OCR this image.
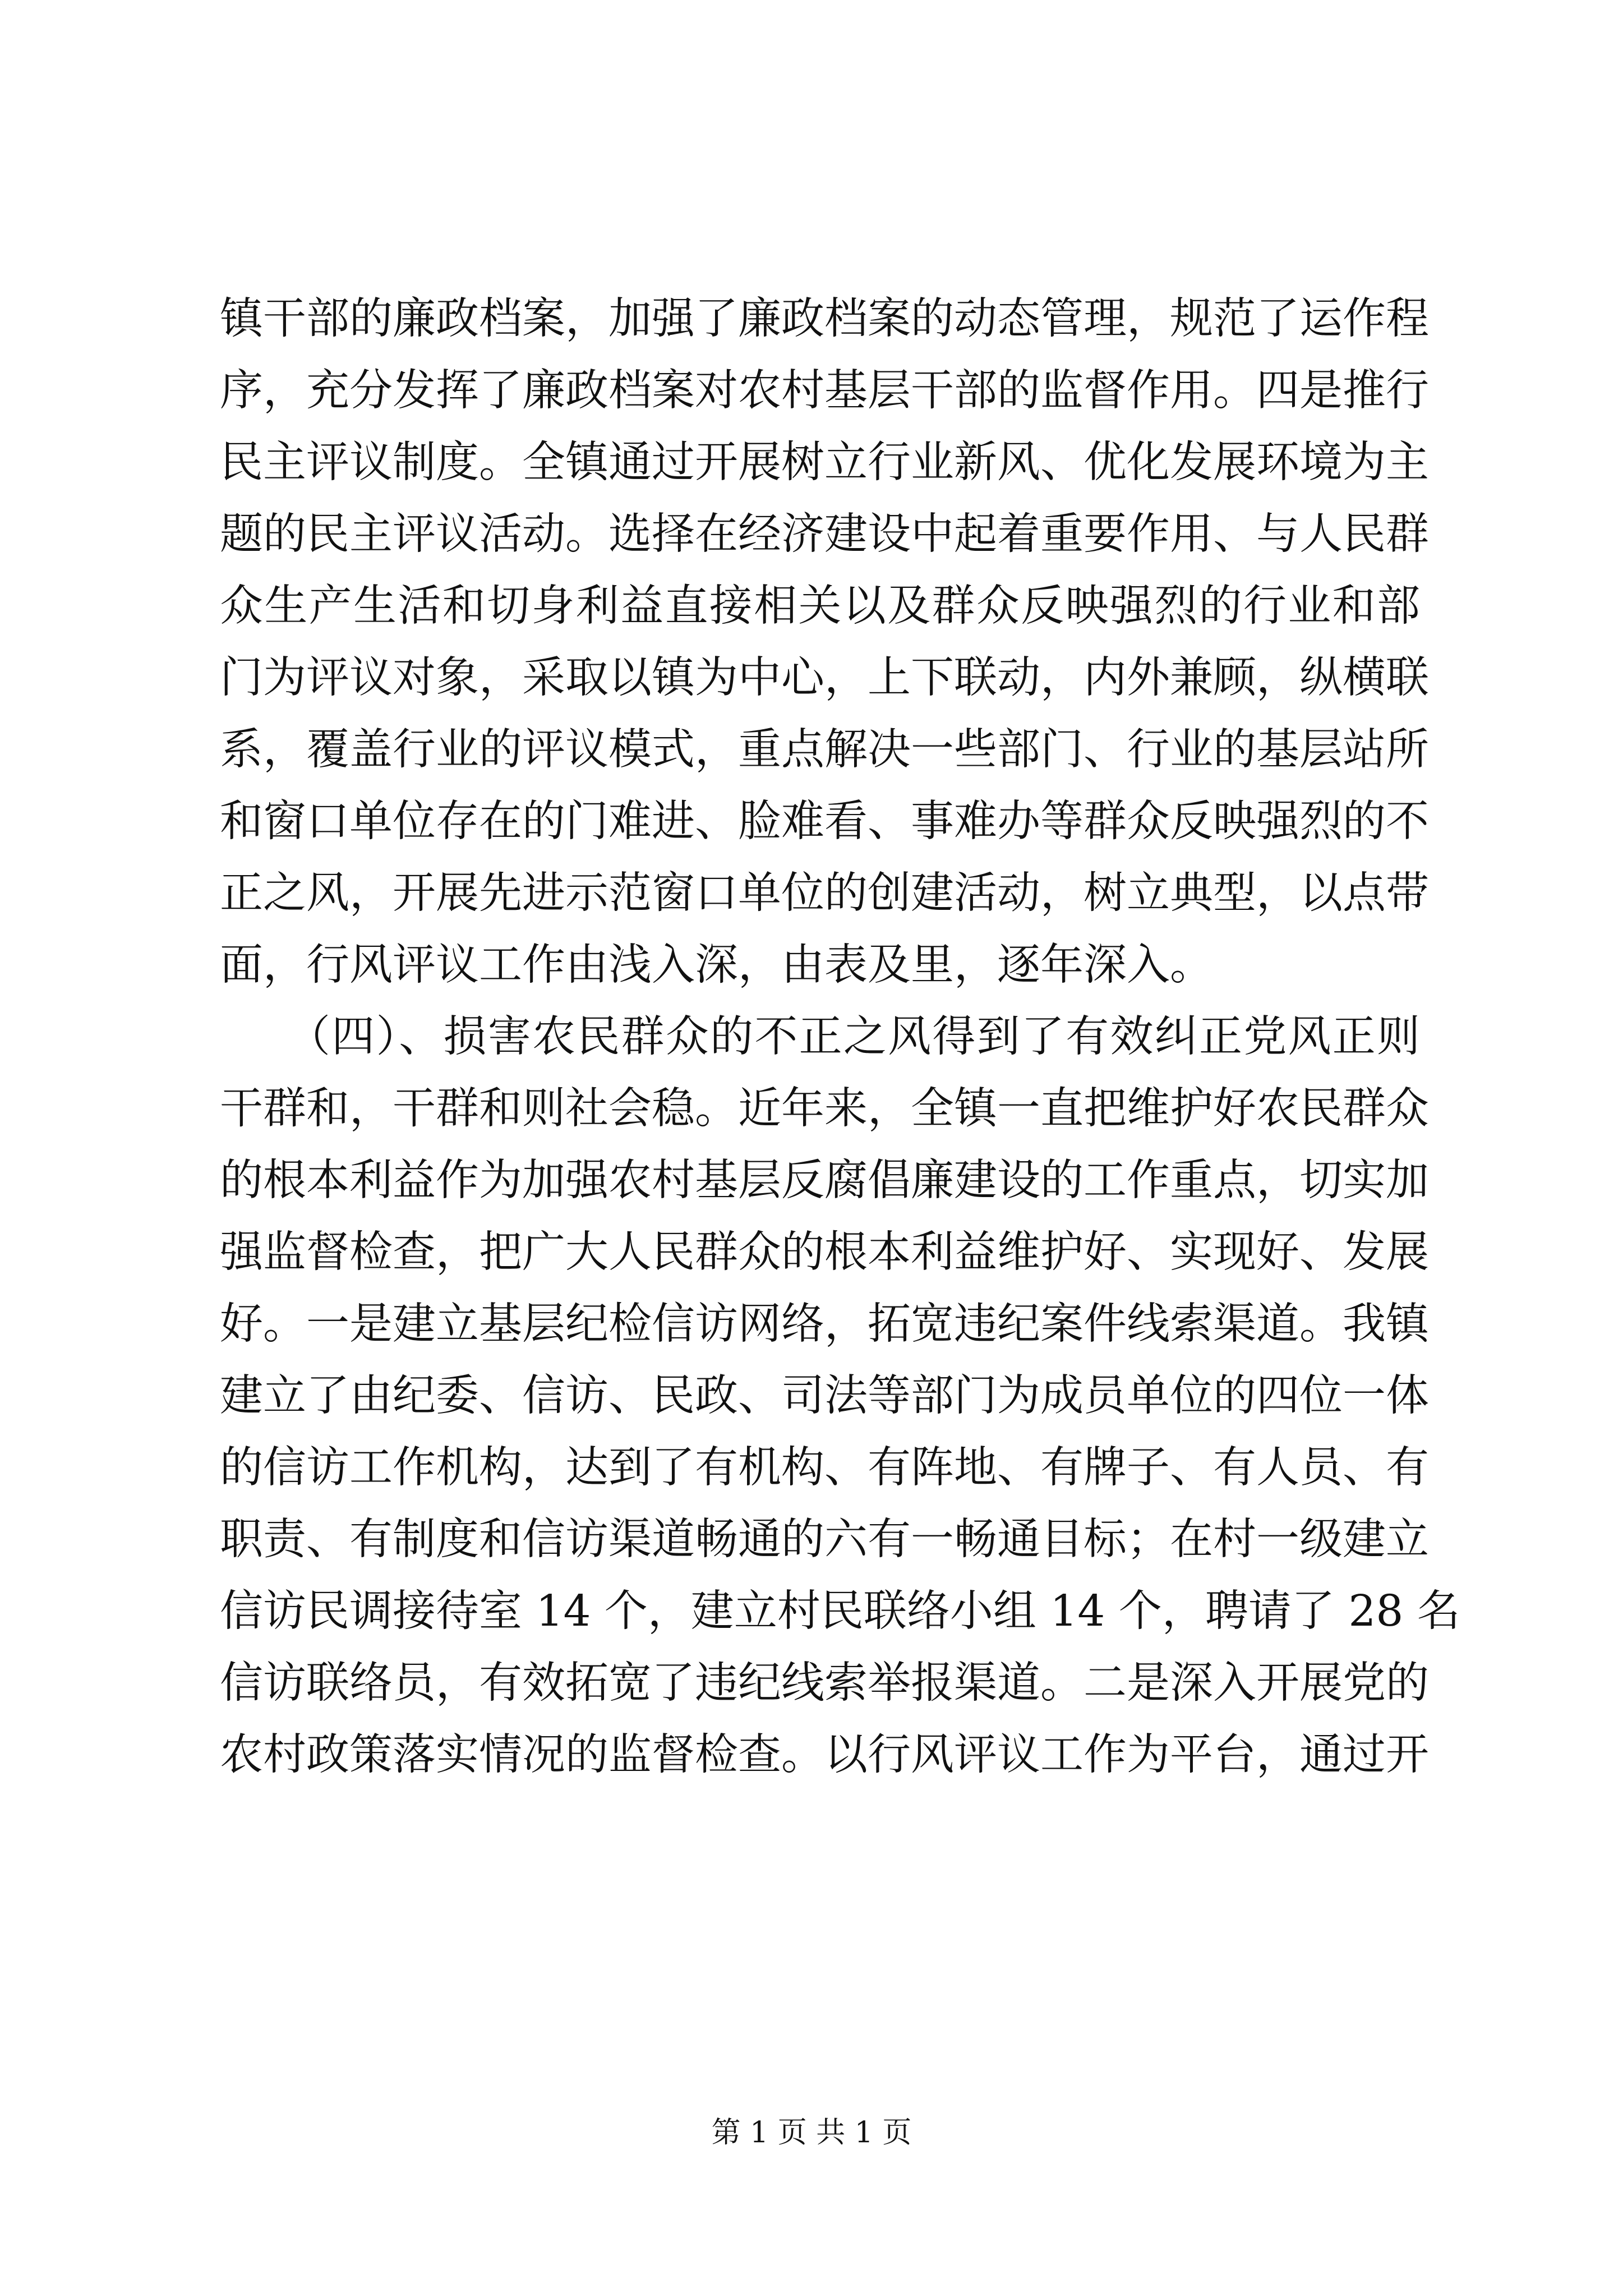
镇干部的廉政档案，加强了廉政档案的动态管理，规范了运作程
序，充分发挥了廉政档案对农村基层干部的监督作用。四是推行
民主评议制度。全镇通过开展树立行业新风、优化发展环境为主
题的民主评议活动。选择在经济建设中起着重要作用、与人民群
众生产生活和切身利益直接相关以及群众反映强烈的行业和部
门为评议对象，采取以镇为中心，上下联动，内外兼顾，纵横联
系，覆盖行业的评议模式，重点解决一些部门、行业的基层站所
和窗口单位存在的门难进、脸难看、事难办等群众反映强烈的不
正之风，开展先进示范窗口单位的创建活动，树立典型，以点带
面，行风评议工作由浅入深，由表及里，逐年深入。
　　（四）、损害农民群众的不正之风得到了有效纠正党风正则
干群和，干群和则社会稳。近年来，全镇一直把维护好农民群众
的根本利益作为加强农村基层反腐倡廉建设的工作重点，切实加
强监督检查，把广大人民群众的根本利益维护好、实现好、发展
好。一是建立基层纪检信访网络，拓宽违纪案件线索渠道。我镇
建立了由纪委、信访、民政、司法等部门为成员单位的四位一体
的信访工作机构，达到了有机构、有阵地、有牌子、有人员、有
职责、有制度和信访渠道畅通的六有一畅通目标；在村一级建立
信访民调接待室 14 个，建立村民联络小组 14 个，聘请了 28 名
信访联络员，有效拓宽了违纪线索举报渠道。二是深入开展党的
农村政策落实情况的监督检查。以行风评议工作为平台，通过开
第 1 页 共 1 页
